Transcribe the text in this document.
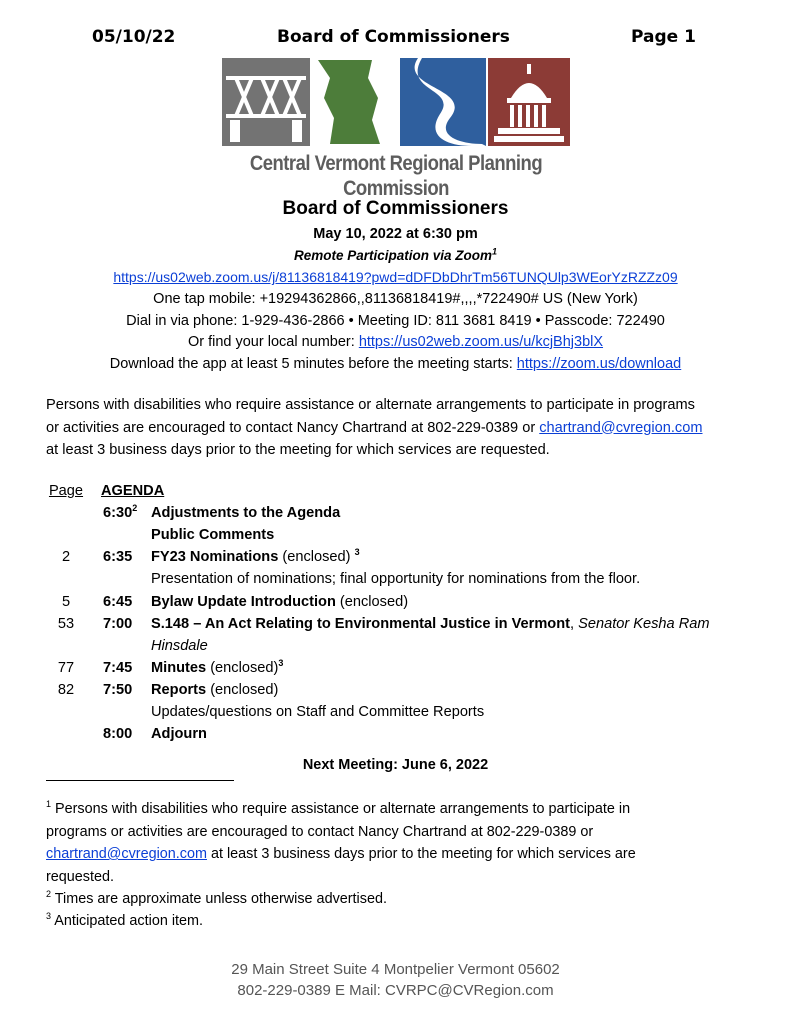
05/10/22	Board of Commissioners	Page 1
Central Vermont Regional Planning Commission
Board of Commissioners
May 10, 2022 at 6:30 pm
Remote Participation via Zoom$^1$
https://us02web.zoom.us/j/81136818419?pwd=dDFDbDhrTm56TUNQUlp3WEorYzRZZz09
One tap mobile: +19294362866,,81136818419#,,,,*722490# US (New York)
Dial in via phone: 1-929-436-2866 • Meeting ID: 811 3681 8419 • Passcode: 722490
Or find your local number: https://us02web.zoom.us/u/kcjBhj3blX
Download the app at least 5 minutes before the meeting starts: https://zoom.us/download
Persons with disabilities who require assistance or alternate arrangements to participate in programs
or activities are encouraged to contact Nancy Chartrand at 802-229-0389 or chartrand@cvregion.com
at least 3 business days prior to the meeting for which services are requested.
Page AGENDA
$6:30^2$ Adjustments to the Agenda
Public Comments
2	6:35 FY23 Nominations (enclosed) $^3$
Presentation of nominations; final opportunity for nominations from the floor.
5	6:45 Bylaw Update Introduction (enclosed)
53	7:00 S.148 – An Act Relating to Environmental Justice in Vermont, Senator Kesha Ram
Hinsdale
77	7:45 Minutes (enclosed)$^3$
82	7:50 Reports (enclosed)
Updates/questions on Staff and Committee Reports
8:00 Adjourn
Next Meeting: June 6, 2022
$^1$ Persons with disabilities who require assistance or alternate arrangements to participate in
programs or activities are encouraged to contact Nancy Chartrand at 802-229-0389 or
chartrand@cvregion.com at least 3 business days prior to the meeting for which services are
requested.
$^2$ Times are approximate unless otherwise advertised.
$^3$ Anticipated action item.
29 Main Street Suite 4 Montpelier Vermont 05602
802-229-0389 E Mail: CVRPC@CVRegion.com
